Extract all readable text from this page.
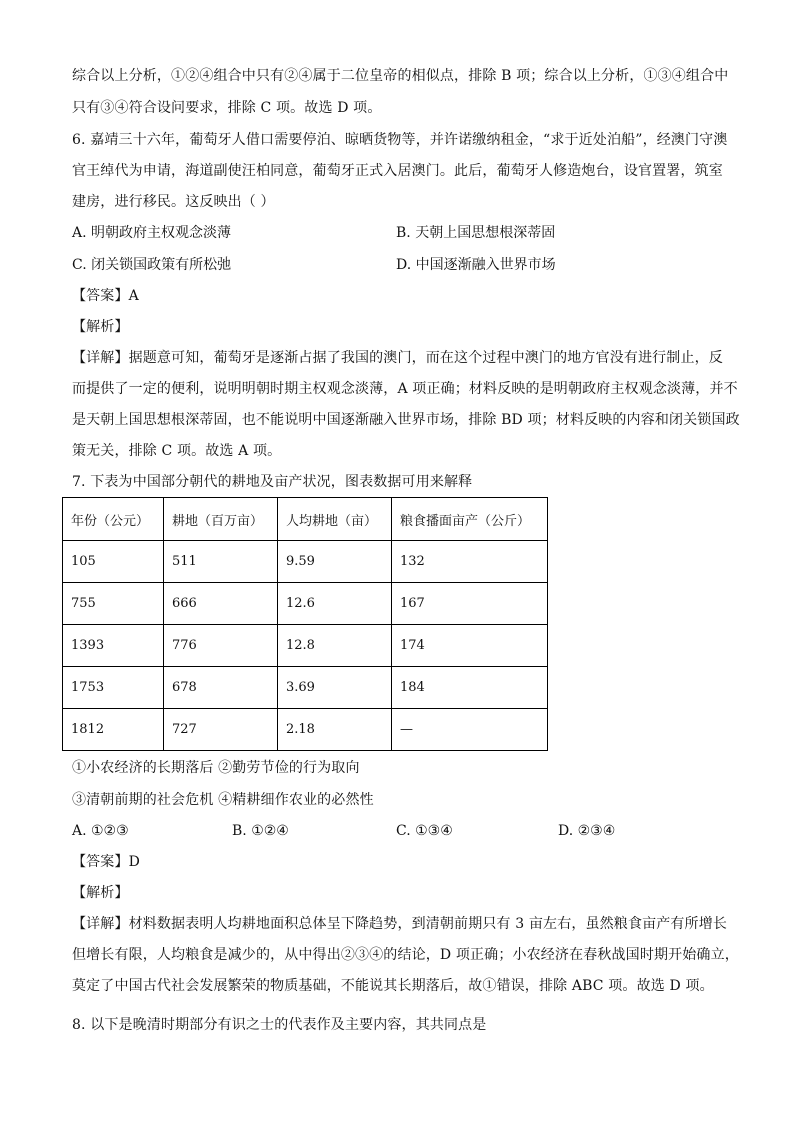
综合以上分析，①②④组合中只有②④属于二位皇帝的相似点，排除 B 项；综合以上分析，①③④组合中
只有③④符合设问要求，排除 C 项。故选 D 项。
6. 嘉靖三十六年，葡萄牙人借口需要停泊、晾晒货物等，并许诺缴纳租金，“求于近处泊船”，经澳门守澳
官王绰代为申请，海道副使汪柏同意，葡萄牙正式入居澳门。此后，葡萄牙人修造炮台，设官置署，筑室
建房，进行移民。这反映出（ ）
A. 明朝政府主权观念淡薄	B. 天朝上国思想根深蒂固
C. 闭关锁国政策有所松弛	D. 中国逐渐融入世界市场
【答案】A
【解析】
【详解】据题意可知，葡萄牙是逐渐占据了我国的澳门，而在这个过程中澳门的地方官没有进行制止，反
而提供了一定的便利，说明明朝时期主权观念淡薄，A 项正确；材料反映的是明朝政府主权观念淡薄，并不
是天朝上国思想根深蒂固，也不能说明中国逐渐融入世界市场，排除 BD 项；材料反映的内容和闭关锁国政
策无关，排除 C 项。故选 A 项。
7. 下表为中国部分朝代的耕地及亩产状况，图表数据可用来解释
年份（公元）	耕地（百万亩）	人均耕地（亩）	粮食播面亩产（公斤）
105	511	9.59	132
755	666	12.6	167
1393	776	12.8	174
1753	678	3.69	184
1812	727	2.18	—
①小农经济的长期落后 ②勤劳节俭的行为取向
③清朝前期的社会危机 ④精耕细作农业的必然性
A. ①②③	B. ①②④	C. ①③④	D. ②③④
【答案】D
【解析】
【详解】材料数据表明人均耕地面积总体呈下降趋势，到清朝前期只有 3 亩左右，虽然粮食亩产有所增长
但增长有限，人均粮食是减少的，从中得出②③④的结论，D 项正确；小农经济在春秋战国时期开始确立，
莫定了中国古代社会发展繁荣的物质基础，不能说其长期落后，故①错误，排除 ABC 项。故选 D 项。
8. 以下是晚清时期部分有识之士的代表作及主要内容，其共同点是
